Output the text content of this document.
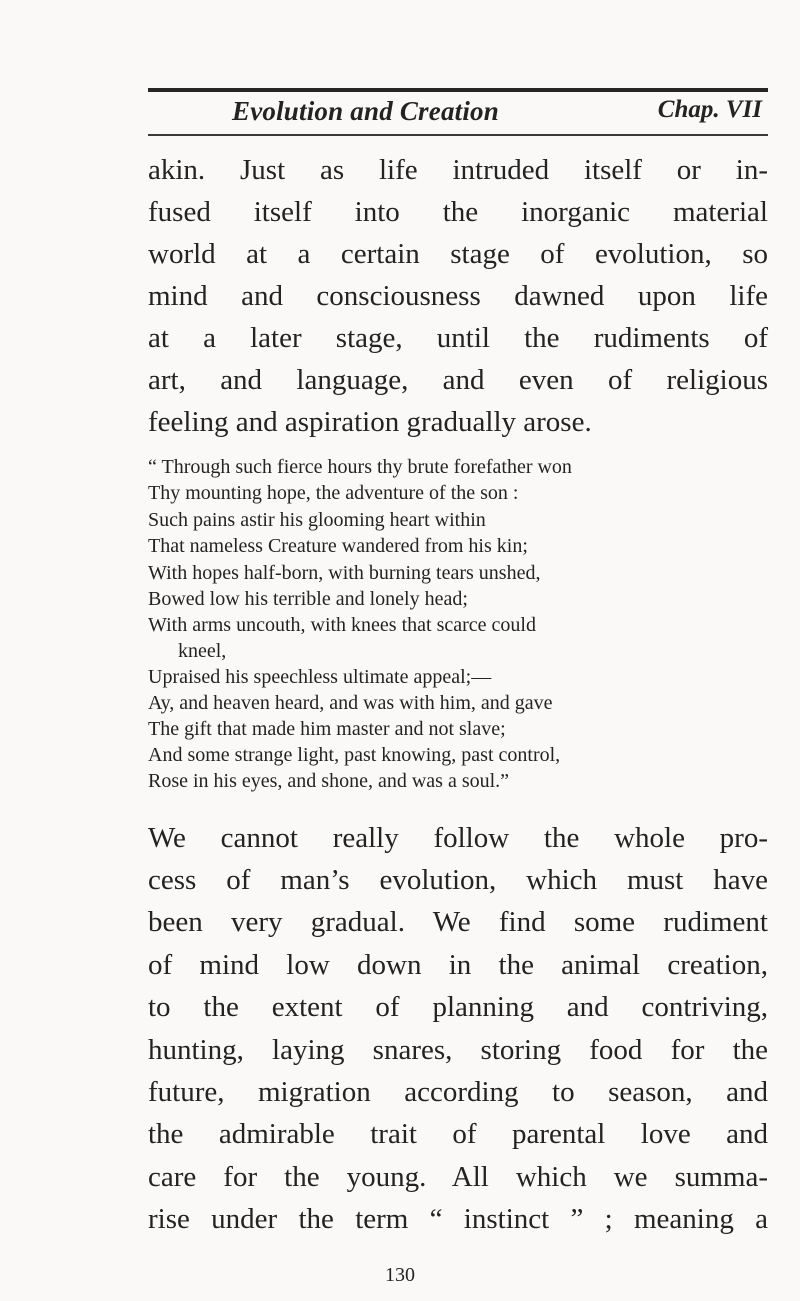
Evolution and Creation	Chap. VII
akin. Just as life intruded itself or in-
fused itself into the inorganic material
world at a certain stage of evolution, so
mind and consciousness dawned upon life
at a later stage, until the rudiments of
art, and language, and even of religious
feeling and aspiration gradually arose.
“ Through such fierce hours thy brute forefather won
Thy mounting hope, the adventure of the son :
Such pains astir his glooming heart within
That nameless Creature wandered from his kin;
With hopes half-born, with burning tears unshed,
Bowed low his terrible and lonely head;
With arms uncouth, with knees that scarce could
kneel,
Upraised his speechless ultimate appeal;—
Ay, and heaven heard, and was with him, and gave
The gift that made him master and not slave;
And some strange light, past knowing, past control,
Rose in his eyes, and shone, and was a soul.”
We cannot really follow the whole pro-
cess of man’s evolution, which must have
been very gradual. We find some rudiment
of mind low down in the animal creation,
to the extent of planning and contriving,
hunting, laying snares, storing food for the
future, migration according to season, and
the admirable trait of parental love and
care for the young. All which we summa-
rise under the term “ instinct ” ; meaning a
130
